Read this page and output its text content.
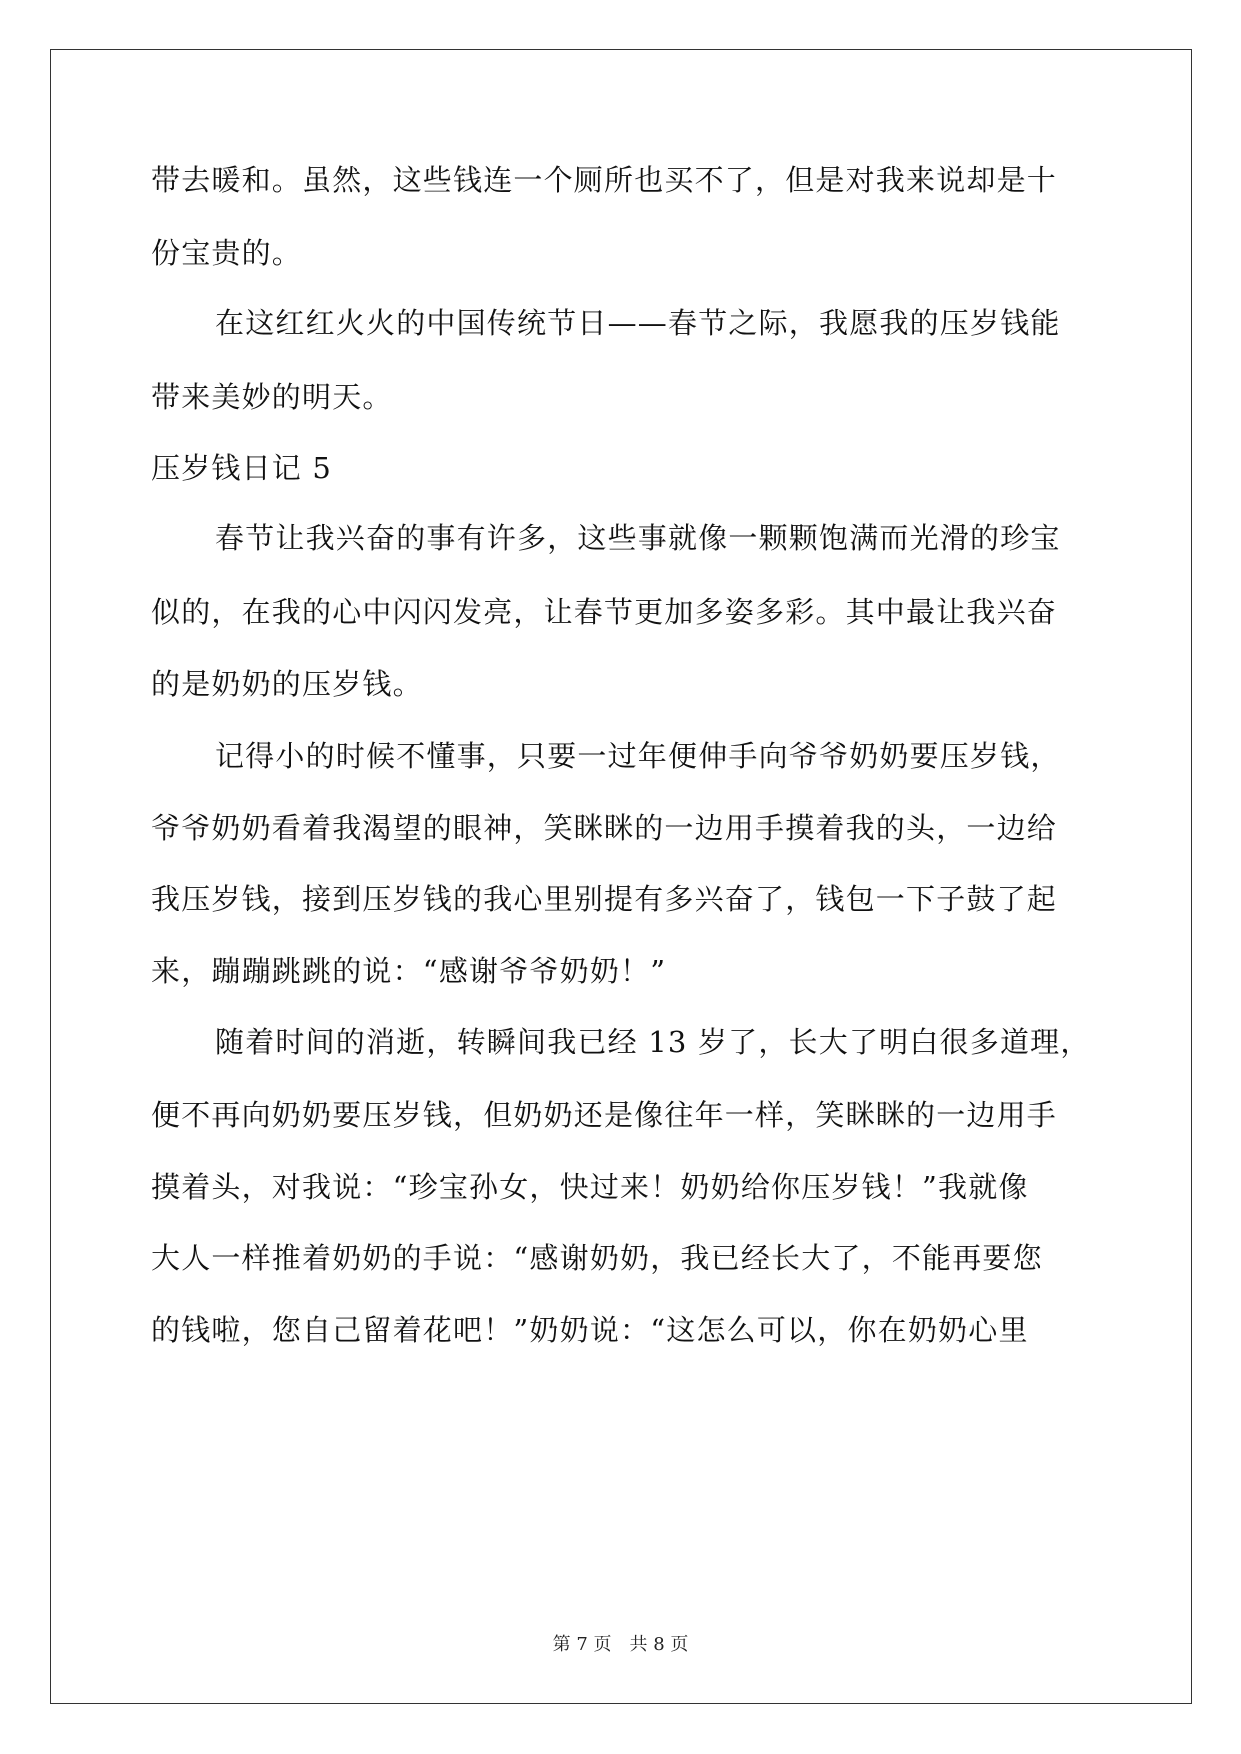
带去暖和。虽然，这些钱连一个厕所也买不了，但是对我来说却是十
份宝贵的。
在这红红火火的中国传统节日——春节之际，我愿我的压岁钱能
带来美妙的明天。
压岁钱日记 5
春节让我兴奋的事有许多，这些事就像一颗颗饱满而光滑的珍宝
似的，在我的心中闪闪发亮，让春节更加多姿多彩。其中最让我兴奋
的是奶奶的压岁钱。
记得小的时候不懂事，只要一过年便伸手向爷爷奶奶要压岁钱，
爷爷奶奶看着我渴望的眼神，笑眯眯的一边用手摸着我的头，一边给
我压岁钱，接到压岁钱的我心里别提有多兴奋了，钱包一下子鼓了起
来，蹦蹦跳跳的说：“感谢爷爷奶奶！”
随着时间的消逝，转瞬间我已经 13 岁了，长大了明白很多道理，
便不再向奶奶要压岁钱，但奶奶还是像往年一样，笑眯眯的一边用手
摸着头，对我说：“珍宝孙女，快过来！奶奶给你压岁钱！”我就像
大人一样推着奶奶的手说：“感谢奶奶，我已经长大了，不能再要您
的钱啦，您自己留着花吧！”奶奶说：“这怎么可以，你在奶奶心里
第 7 页　共 8 页
